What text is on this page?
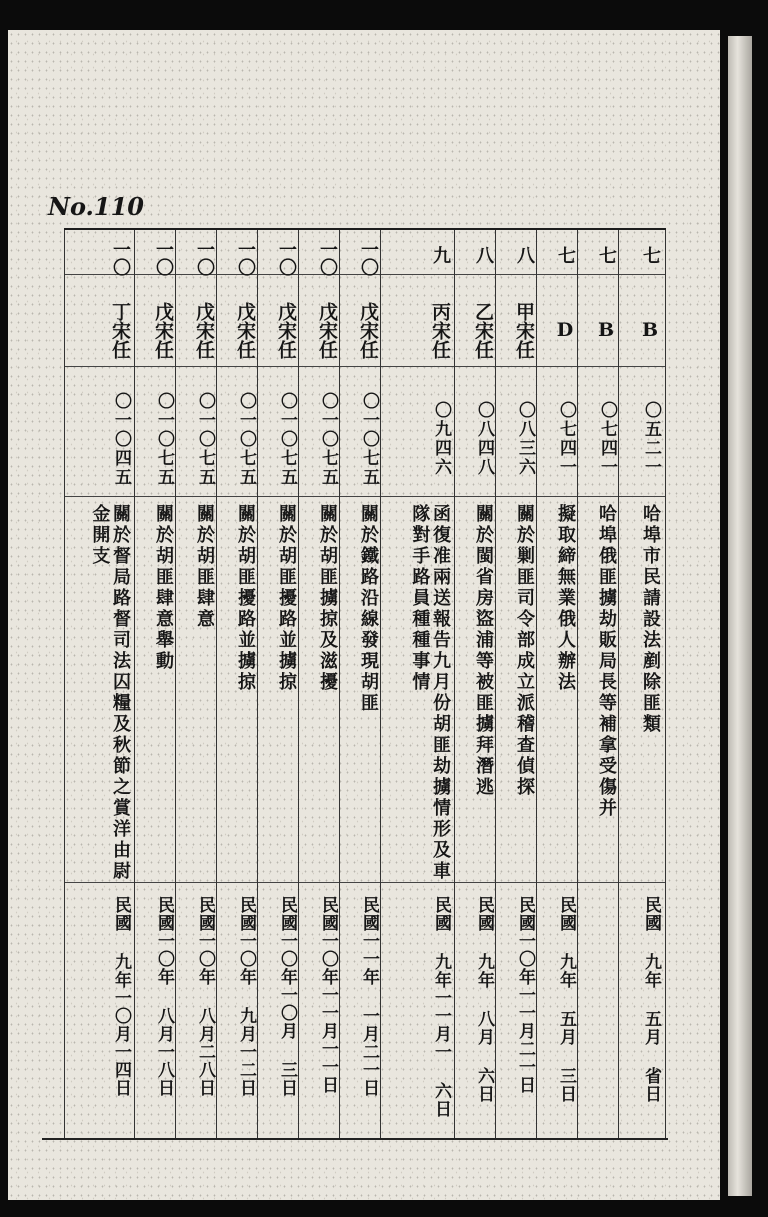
No.110
七
B
〇五二一
哈埠市民請設法剷除匪類
民國 九年 五月 省日
七
B
〇七四一
哈埠俄匪擄劫販局長等補拿受傷并
七
D
〇七四一
擬取締無業俄人辦法
民國 九年 五月 三日
八
甲宋任
〇八三六
關於剿匪司令部成立派稽查偵探
民國一〇年一一月二一日
八
乙宋任
〇八四八
關於閩省房盜浦等被匪擄拜潛逃
民國 九年 八月 六日
九
丙宋任
〇九四六
函復准兩送報告九月份胡匪劫擄情形及車隊對手路員種種事情
民國 九年一一月一 六日
一〇
戊宋任
〇一〇七五
關於鐵路沿線發現胡匪
民國一一年 一月二一日
一〇
戊宋任
〇一〇七五
關於胡匪擄掠及滋擾
民國一〇年一一月一一日
一〇
戊宋任
〇一〇七五
關於胡匪擾路並擄掠
民國一〇年一〇月 三日
一〇
戊宋任
〇一〇七五
關於胡匪擾路並擄掠
民國一〇年 九月一二日
一〇
戊宋任
〇一〇七五
關於胡匪肆意
民國一〇年 八月二八日
一〇
戊宋任
〇一〇七五
關於胡匪肆意舉動
民國一〇年 八月一八日
一〇
丁宋任
〇一〇四五
關於督局路督司法囚糧及秋節之賞洋由尉金開支
民國 九年一〇月一四日
